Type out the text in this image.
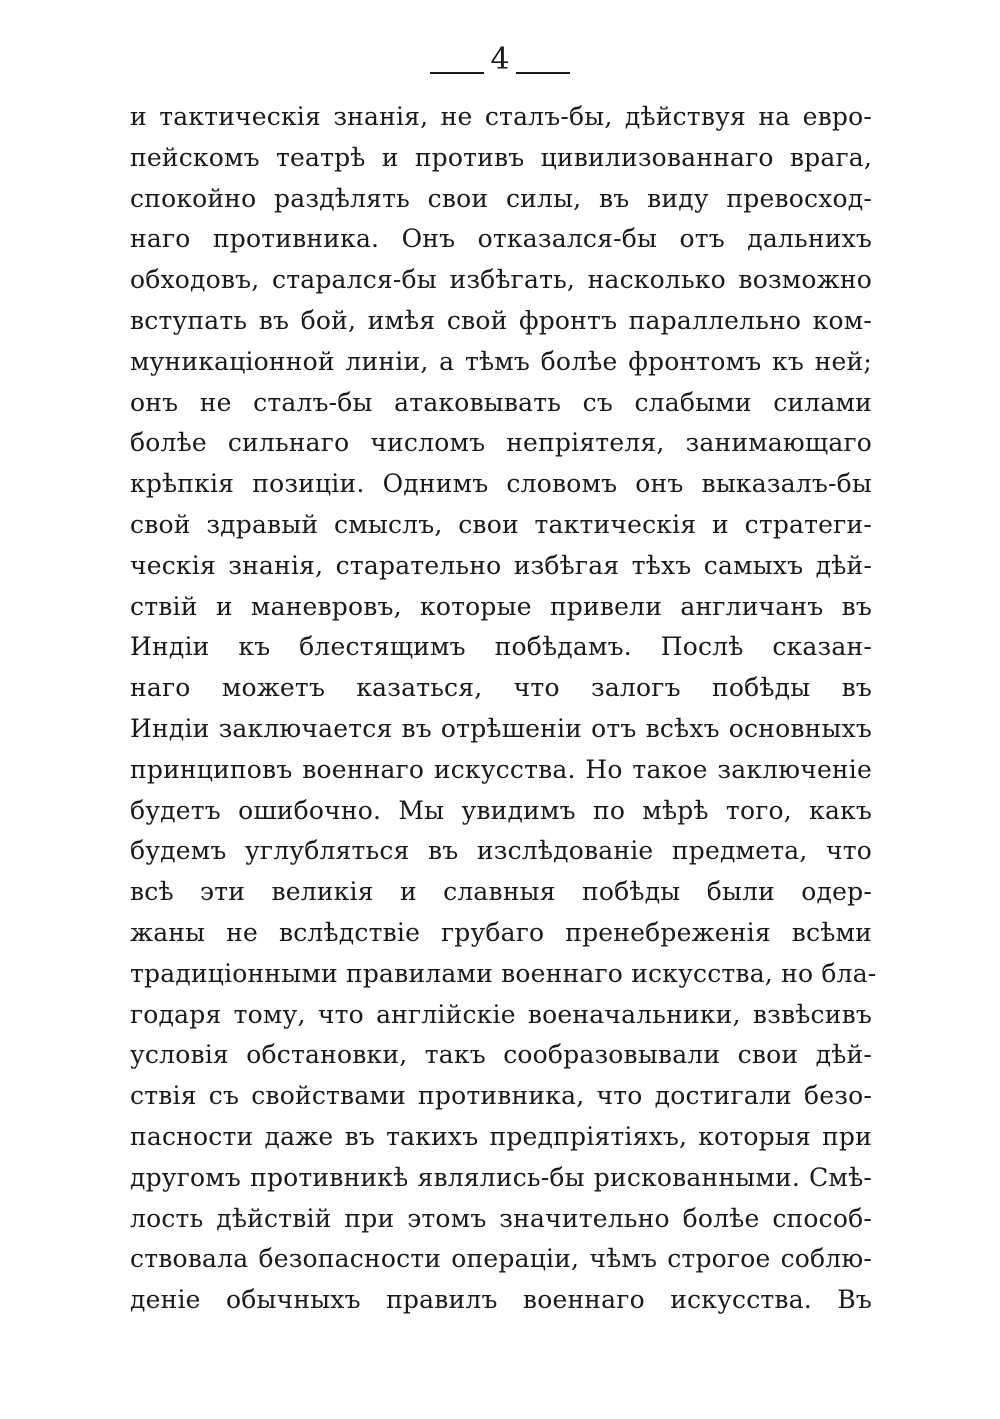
4
и тактическія знанія, не сталъ-бы, дѣйствуя на евро-
пейскомъ театрѣ и противъ цивилизованнаго врага,
спокойно раздѣлять свои силы, въ виду превосход-
наго противника. Онъ отказался-бы отъ дальнихъ
обходовъ, старался-бы избѣгать, насколько возможно
вступать въ бой, имѣя свой фронтъ параллельно ком-
муникаціонной линіи, а тѣмъ болѣе фронтомъ къ ней;
онъ не сталъ-бы атаковывать съ слабыми силами
болѣе сильнаго числомъ непріятеля, занимающаго
крѣпкія позиціи. Однимъ словомъ онъ выказалъ-бы
свой здравый смыслъ, свои тактическія и стратеги-
ческія знанія, старательно избѣгая тѣхъ самыхъ дѣй-
ствій и маневровъ, которые привели англичанъ въ
Индіи къ блестящимъ побѣдамъ. Послѣ сказан-
наго можетъ казаться, что залогъ побѣды въ
Индіи заключается въ отрѣшеніи отъ всѣхъ основныхъ
принциповъ военнаго искусства. Но такое заключеніе
будетъ ошибочно. Мы увидимъ по мѣрѣ того, какъ
будемъ углубляться въ изслѣдованіе предмета, что
всѣ эти великія и славныя побѣды были одер-
жаны не вслѣдствіе грубаго пренебреженія всѣми
традиціонными правилами военнаго искусства, но бла-
годаря тому, что англійскіе военачальники, взвѣсивъ
условія обстановки, такъ сообразовывали свои дѣй-
ствія съ свойствами противника, что достигали безо-
пасности даже въ такихъ предпріятіяхъ, которыя при
другомъ противникѣ являлись-бы рискованными. Смѣ-
лость дѣйствій при этомъ значительно болѣе способ-
ствовала безопасности операціи, чѣмъ строгое соблю-
деніе обычныхъ правилъ военнаго искусства. Въ
